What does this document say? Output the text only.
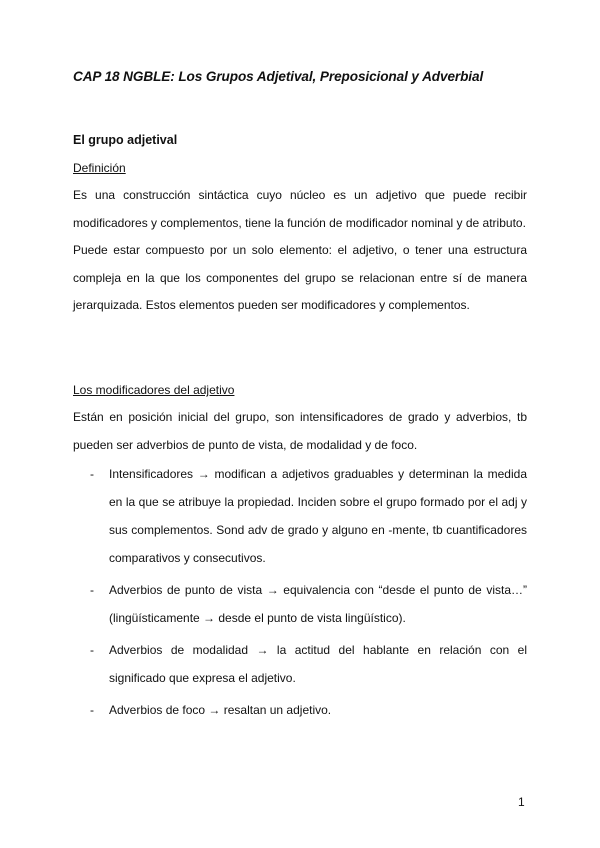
CAP 18 NGBLE: Los Grupos Adjetival, Preposicional y Adverbial
El grupo adjetival
Definición

Es una construcción sintáctica cuyo núcleo es un adjetivo que puede recibir modificadores y complementos, tiene la función de modificador nominal y de atributo.

Puede estar compuesto por un solo elemento: el adjetivo, o tener una estructura compleja en la que los componentes del grupo se relacionan entre sí de manera jerarquizada. Estos elementos pueden ser modificadores y complementos.

Los modificadores del adjetivo
Están en posición inicial del grupo, son intensificadores de grado y adverbios, tb pueden ser adverbios de punto de vista, de modalidad y de foco.
- Intensificadores → modifican a adjetivos graduables y determinan la medida en la que se atribuye la propiedad. Inciden sobre el grupo formado por el adj y sus complementos. Sond adv de grado y alguno en -mente, tb cuantificadores comparativos y consecutivos.
- Adverbios de punto de vista → equivalencia con “desde el punto de vista…” (lingüísticamente → desde el punto de vista lingüístico).
- Adverbios de modalidad → la actitud del hablante en relación con el significado que expresa el adjetivo.
- Adverbios de foco → resaltan un adjetivo.
1
